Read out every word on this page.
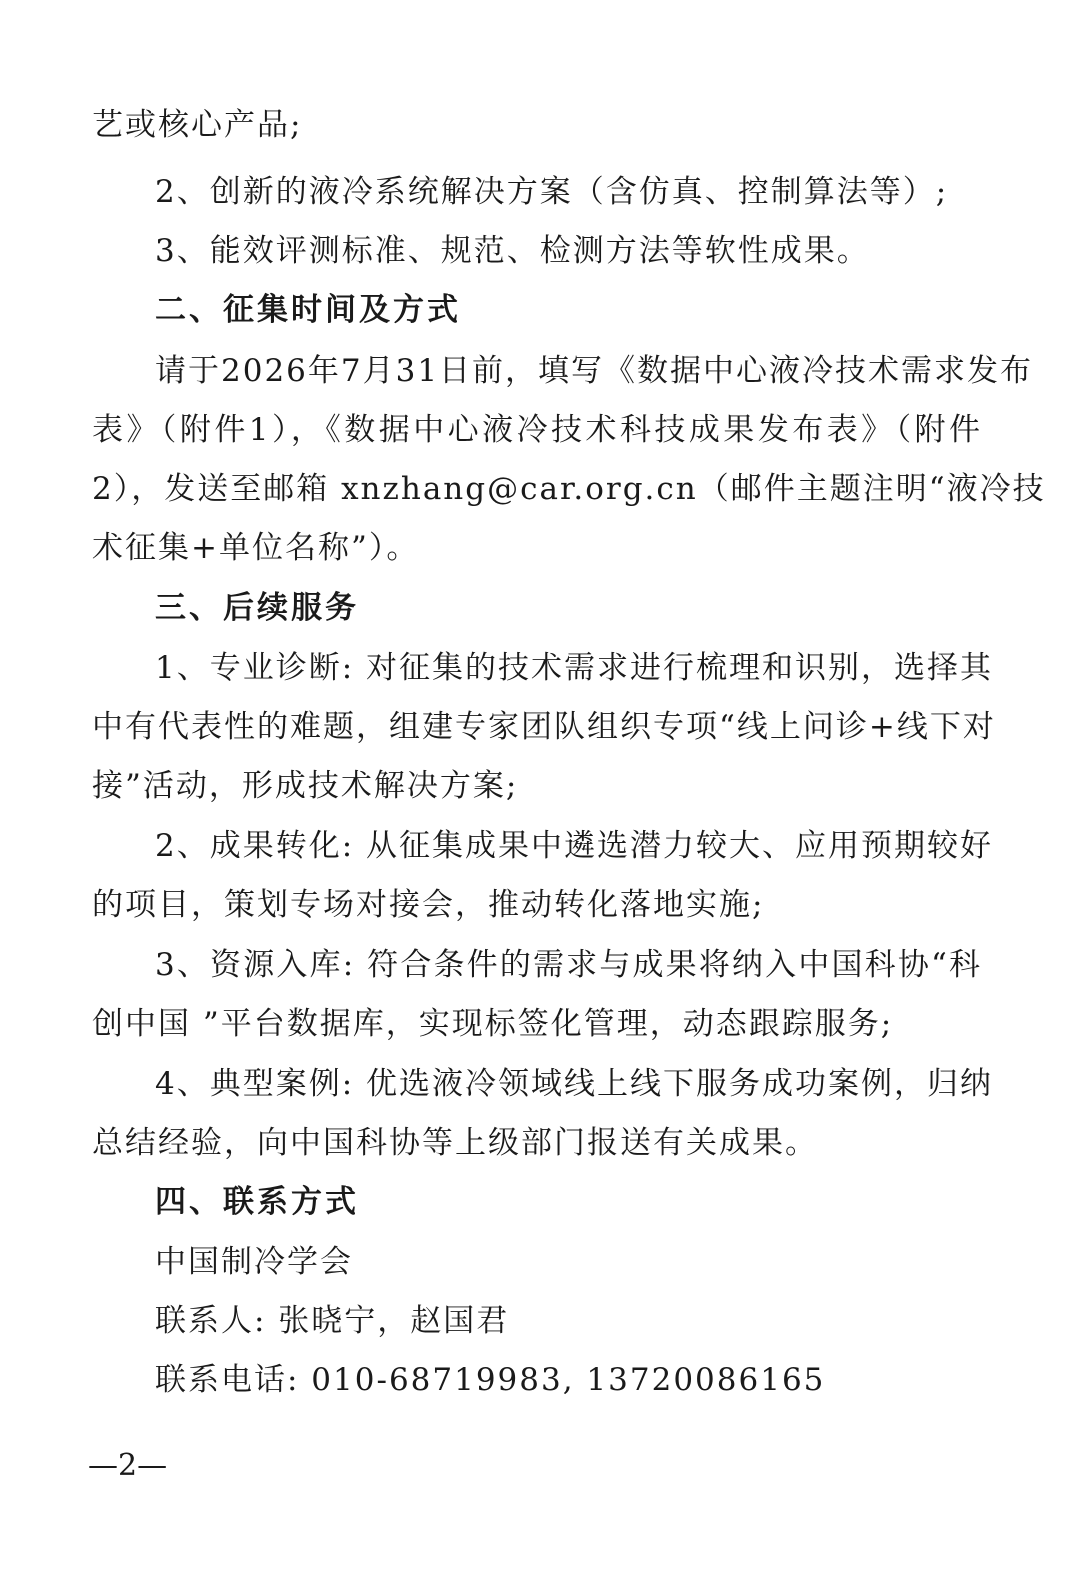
艺或核心产品;
2、创新的液冷系统解决方案（含仿真、控制算法等）;
3、能效评测标准、规范、检测方法等软性成果。
二、征集时间及方式
请于2026年7月31日前，填写《数据中心液冷技术需求发布
表》（附件1），《数据中心液冷技术科技成果发布表》（附件
2），发送至邮箱 xnzhang@car.org.cn（邮件主题注明“液冷技
术征集+单位名称”）。
三、后续服务
1、专业诊断: 对征集的技术需求进行梳理和识别，选择其
中有代表性的难题，组建专家团队组织专项“线上问诊+线下对
接”活动，形成技术解决方案;
2、成果转化: 从征集成果中遴选潜力较大、应用预期较好
的项目，策划专场对接会，推动转化落地实施;
3、资源入库: 符合条件的需求与成果将纳入中国科协“科
创中国 ”平台数据库，实现标签化管理，动态跟踪服务;
4、典型案例: 优选液冷领域线上线下服务成功案例，归纳
总结经验，向中国科协等上级部门报送有关成果。
四、联系方式
中国制冷学会
联系人: 张晓宁，赵国君
联系电话: 010-68719983, 13720086165
—2—
